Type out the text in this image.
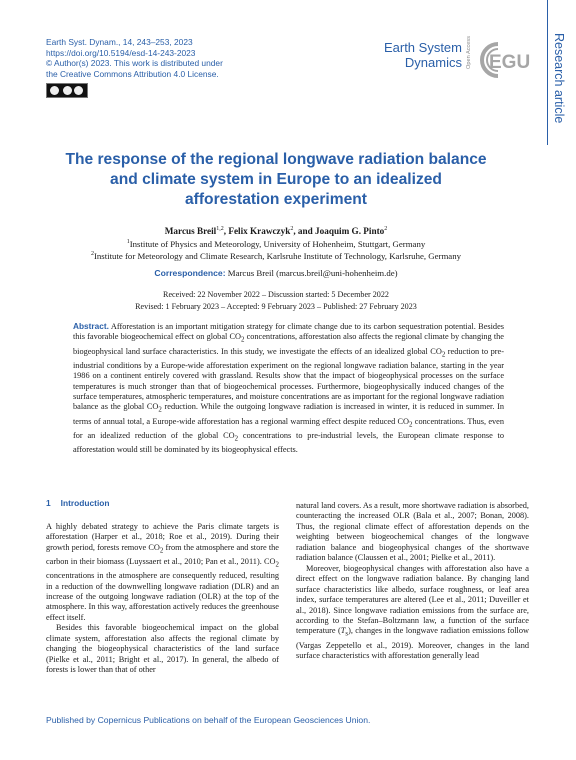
Earth Syst. Dynam., 14, 243–253, 2023
https://doi.org/10.5194/esd-14-243-2023
© Author(s) 2023. This work is distributed under
the Creative Commons Attribution 4.0 License.
Earth System
Dynamics Open Access EGU Research article
The response of the regional longwave radiation balance
and climate system in Europe to an idealized
afforestation experiment
Marcus Breil$^{1,2}$, Felix Krawczyk$^2$, and Joaquim G. Pinto$^2$
$^1$Institute of Physics and Meteorology, University of Hohenheim, Stuttgart, Germany
$^2$Institute for Meteorology and Climate Research, Karlsruhe Institute of Technology, Karlsruhe, Germany
Correspondence: Marcus Breil (marcus.breil@uni-hohenheim.de)
Received: 22 November 2022 – Discussion started: 5 December 2022
Revised: 1 February 2023 – Accepted: 9 February 2023 – Published: 27 February 2023

Abstract. Afforestation is an important mitigation strategy for climate change due to its carbon sequestration potential. Besides this favorable biogeochemical effect on global $CO_2$ concentrations, afforestation also affects the regional climate by changing the biogeophysical land surface characteristics. In this study, we investigate the effects of an idealized global $CO_2$ reduction to pre-industrial conditions by a Europe-wide afforestation experiment on the regional longwave radiation balance, starting in the year 1986 on a continent entirely covered with grassland. Results show that the impact of biogeophysical processes on the surface temperatures is much stronger than that of biogeochemical processes. Furthermore, biogeophysically induced changes of the surface temperatures, atmospheric temperatures, and moisture concentrations are as important for the regional longwave radiation balance as the global $CO_2$ reduction. While the outgoing longwave radiation is increased in winter, it is reduced in summer. In terms of annual total, a Europe-wide afforestation has a regional warming effect despite reduced $CO_2$ concentrations. Thus, even for an idealized reduction of the global $CO_2$ concentrations to pre-industrial levels, the European climate response to afforestation would still be dominated by its biogeophysical effects.

1 Introduction

A highly debated strategy to achieve the Paris climate targets is afforestation (Harper et al., 2018; Roe et al., 2019). During their growth period, forests remove $CO_2$ from the atmosphere and store the carbon in their biomass (Luyssaert et al., 2010; Pan et al., 2011). $CO_2$ concentrations in the atmosphere are consequently reduced, resulting in a reduction of the downwelling longwave radiation (DLR) and an increase of the outgoing longwave radiation (OLR) at the top of the atmosphere. In this way, afforestation actively reduces the greenhouse effect itself.

Besides this favorable biogeochemical impact on the global climate system, afforestation also affects the regional climate by changing the biogeophysical characteristics of the land surface (Pielke et al., 2011; Bright et al., 2017). In general, the albedo of forests is lower than that of other

natural land covers. As a result, more shortwave radiation is absorbed, counteracting the increased OLR (Bala et al., 2007; Bonan, 2008). Thus, the regional climate effect of afforestation depends on the weighting between biogeochemical changes of the longwave radiation balance and biogeophysical changes of the shortwave radiation balance (Claussen et al., 2001; Pielke et al., 2011).

Moreover, biogeophysical changes with afforestation also have a direct effect on the longwave radiation balance. By changing land surface characteristics like albedo, surface roughness, or leaf area index, surface temperatures are altered (Lee et al., 2011; Duveiller et al., 2018). Since longwave radiation emissions from the surface are, according to the Stefan–Boltzmann law, a function of the surface temperature $(T_s)$, changes in the longwave radiation emissions follow (Vargas Zeppetello et al., 2019). Moreover, changes in the land surface characteristics with afforestation generally lead

Published by Copernicus Publications on behalf of the European Geosciences Union.
